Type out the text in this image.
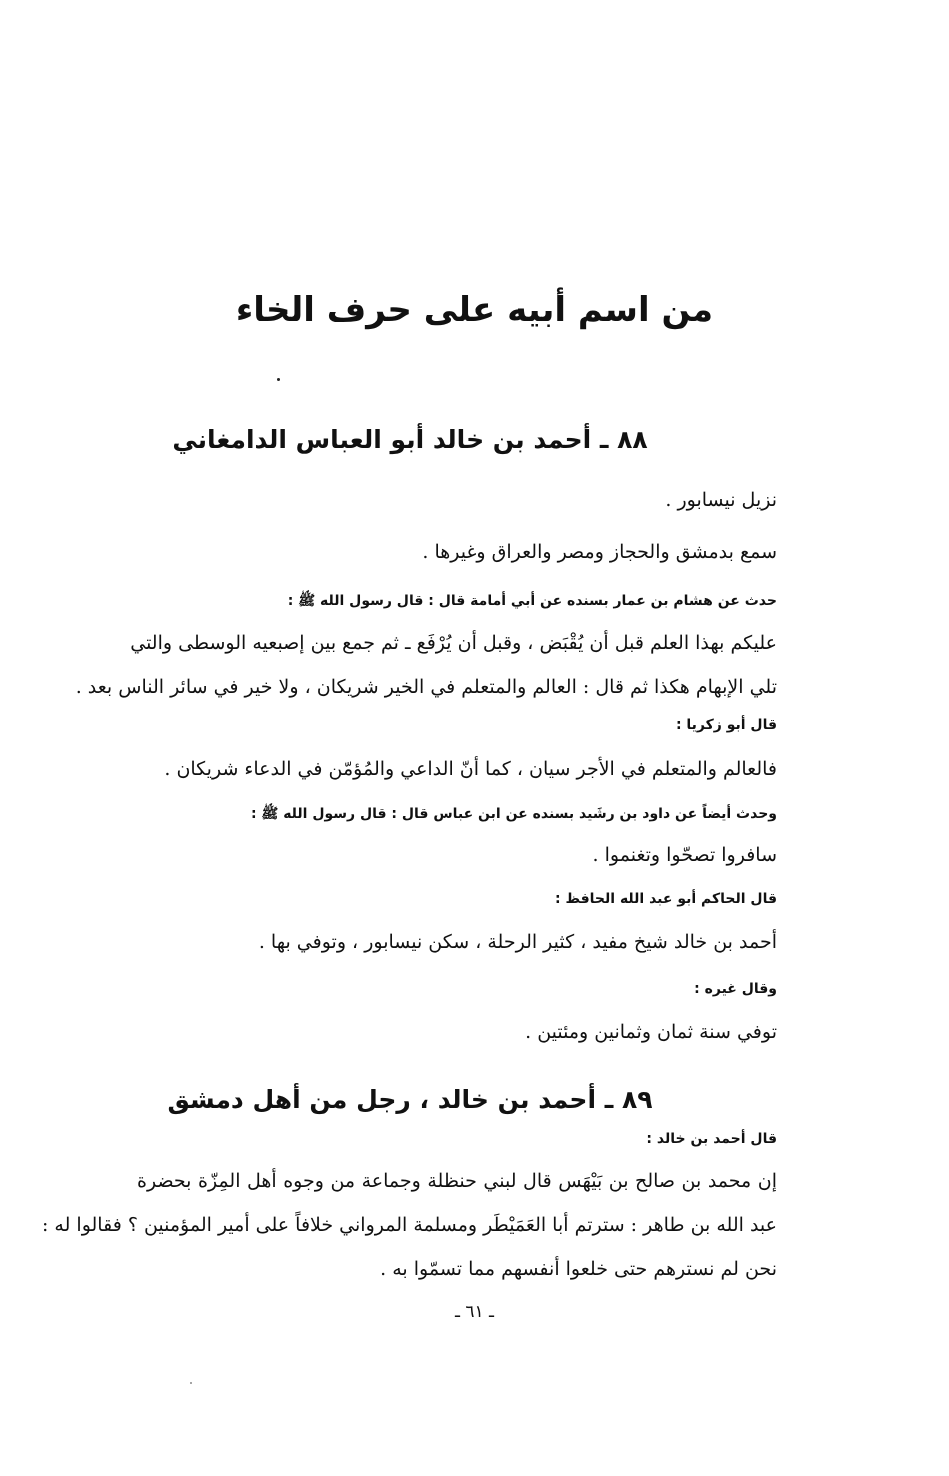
من اسم أبيه على حرف الخاء
٨٨ ـ أحمد بن خالد أبو العباس الدامغاني
نزيل نيسابور .
سمع بدمشق والحجاز ومصر والعراق وغيرها .
حدث عن هشام بن عمار بسنده عن أبي أمامة قال : قال رسول الله ﷺ :
عليكم بهذا العلم قبل أن يُقْبَض ، وقبل أن يُرْفَع ـ ثم جمع بين إصبعيه الوسطى والتي
تلي الإبهام هكذا ثم قال : العالم والمتعلم في الخير شريكان ، ولا خير في سائر الناس بعد .
قال أبو زكريا :
فالعالم والمتعلم في الأجر سيان ، كما أنّ الداعي والمُؤمّن في الدعاء شريكان .
وحدث أيضاً عن داود بن رشَيد بسنده عن ابن عباس قال : قال رسول الله ﷺ :
سافروا تصحّوا وتغنموا .
قال الحاكم أبو عبد الله الحافظ :
أحمد بن خالد شيخ مفيد ، كثير الرحلة ، سكن نيسابور ، وتوفي بها .
وقال غيره :
توفي سنة ثمان وثمانين ومئتين .
٨٩ ـ أحمد بن خالد ، رجل من أهل دمشق
قال أحمد بن خالد :
إن محمد بن صالح بن بَيْهَس قال لبني حنظلة وجماعة من وجوه أهل المِزّة بحضرة
عبد الله بن طاهر : سترتم أبا العَمَيْطَر ومسلمة المرواني خلافاً على أمير المؤمنين ؟ فقالوا له :
نحن لم نسترهم حتى خلعوا أنفسهم مما تسمّوا به .
ـ ٦١ ـ
